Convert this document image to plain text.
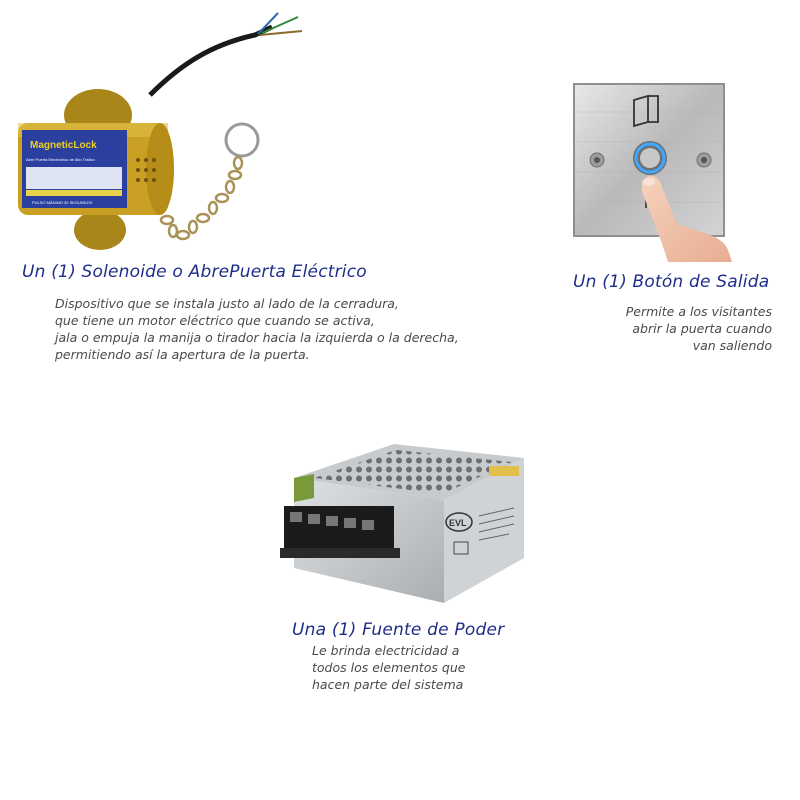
MagneticLock
Abre Puerta Electrónico de Alto Tráfico
PULSO MÁXIMO 30 SEGUNDOS
Un (1) Solenoide o AbrePuerta Eléctrico
Dispositivo que se instala justo al lado de la cerradura,
que tiene un motor eléctrico que cuando se activa,
jala o empuja la manija o tirador hacia la izquierda o la derecha,
permitiendo así la apertura de la puerta.
Un (1) Botón de Salida
Permite a los visitantes
abrir la puerta cuando
van saliendo
EVL
Una (1) Fuente de Poder
Le brinda electricidad a
todos los elementos que
hacen parte del sistema
